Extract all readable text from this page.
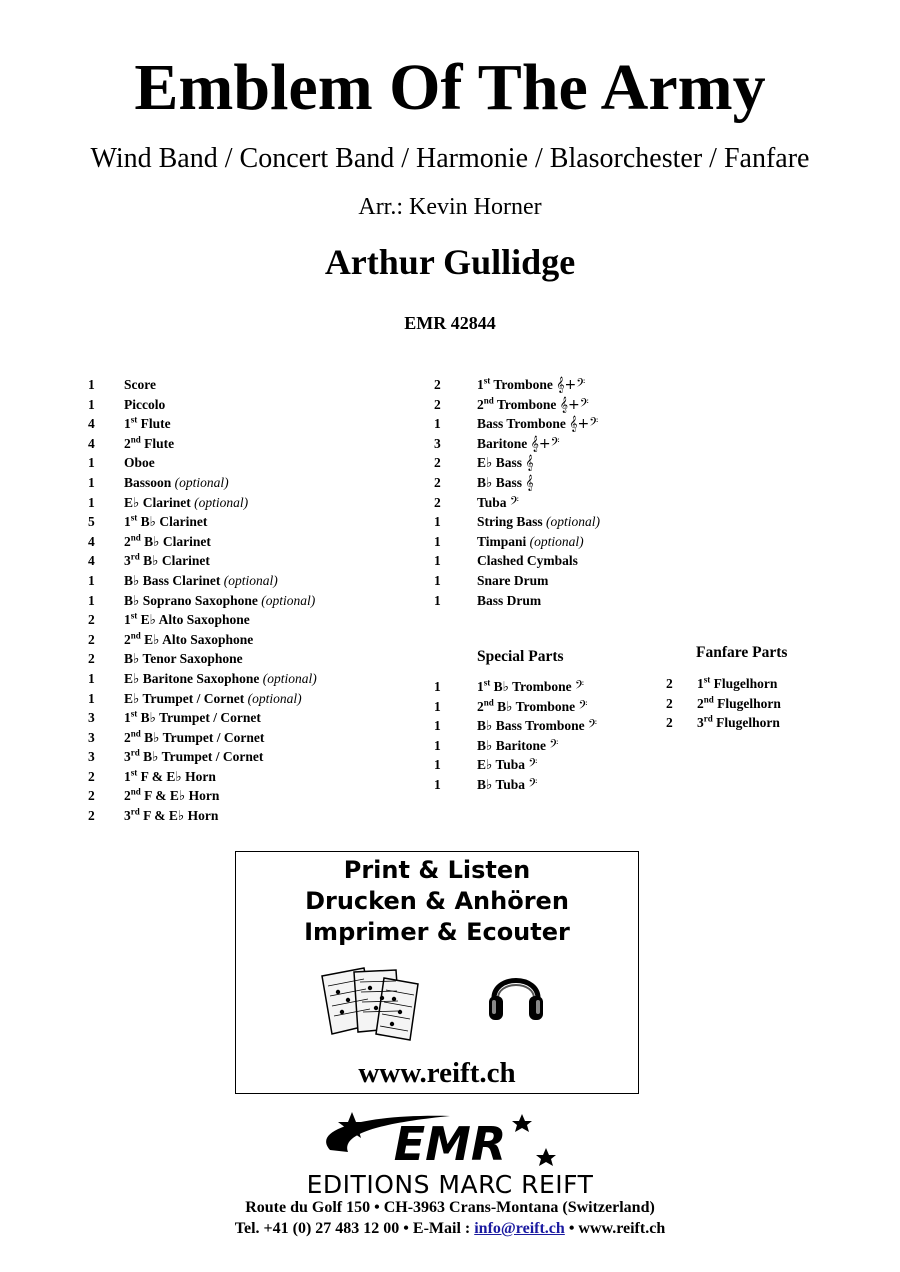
Emblem Of The Army
Wind Band / Concert Band / Harmonie / Blasorchester / Fanfare
Arr.: Kevin Horner
Arthur Gullidge
EMR 42844
1 Score
1 Piccolo
4 1st Flute
4 2nd Flute
1 Oboe
1 Bassoon (optional)
1 E♭ Clarinet (optional)
5 1st B♭ Clarinet
4 2nd B♭ Clarinet
4 3rd B♭ Clarinet
1 B♭ Bass Clarinet (optional)
1 B♭ Soprano Saxophone (optional)
2 1st E♭ Alto Saxophone
2 2nd E♭ Alto Saxophone
2 B♭ Tenor Saxophone
1 E♭ Baritone Saxophone (optional)
1 E♭ Trumpet / Cornet (optional)
3 1st B♭ Trumpet / Cornet
3 2nd B♭ Trumpet / Cornet
3 3rd B♭ Trumpet / Cornet
2 1st F & E♭ Horn
2 2nd F & E♭ Horn
2 3rd F & E♭ Horn
2	1st Trombone 𝄞+𝄢
2	2nd Trombone 𝄞+𝄢
1	Bass Trombone 𝄞+𝄢
3	Baritone 𝄞+𝄢
2	E♭ Bass 𝄞
2	B♭ Bass 𝄞
2	Tuba 𝄢
1	String Bass (optional)
1	Timpani (optional)
1	Clashed Cymbals
1	Snare Drum
1	Bass Drum
Special Parts
1	1st B♭ Trombone 𝄢
1	2nd B♭ Trombone 𝄢
1	B♭ Bass Trombone 𝄢
1	B♭ Baritone 𝄢
1	E♭ Tuba 𝄢
1	B♭ Tuba 𝄢
Fanfare Parts
2 1st Flugelhorn
2 2nd Flugelhorn
2 3rd Flugelhorn
Print & Listen
Drucken & Anhören
Imprimer & Ecouter
www.reift.ch
EMR
EDITIONS MARC REIFT
Route du Golf 150 • CH-3963 Crans-Montana (Switzerland)
Tel. +41 (0) 27 483 12 00 • E-Mail : info@reift.ch • www.reift.ch
